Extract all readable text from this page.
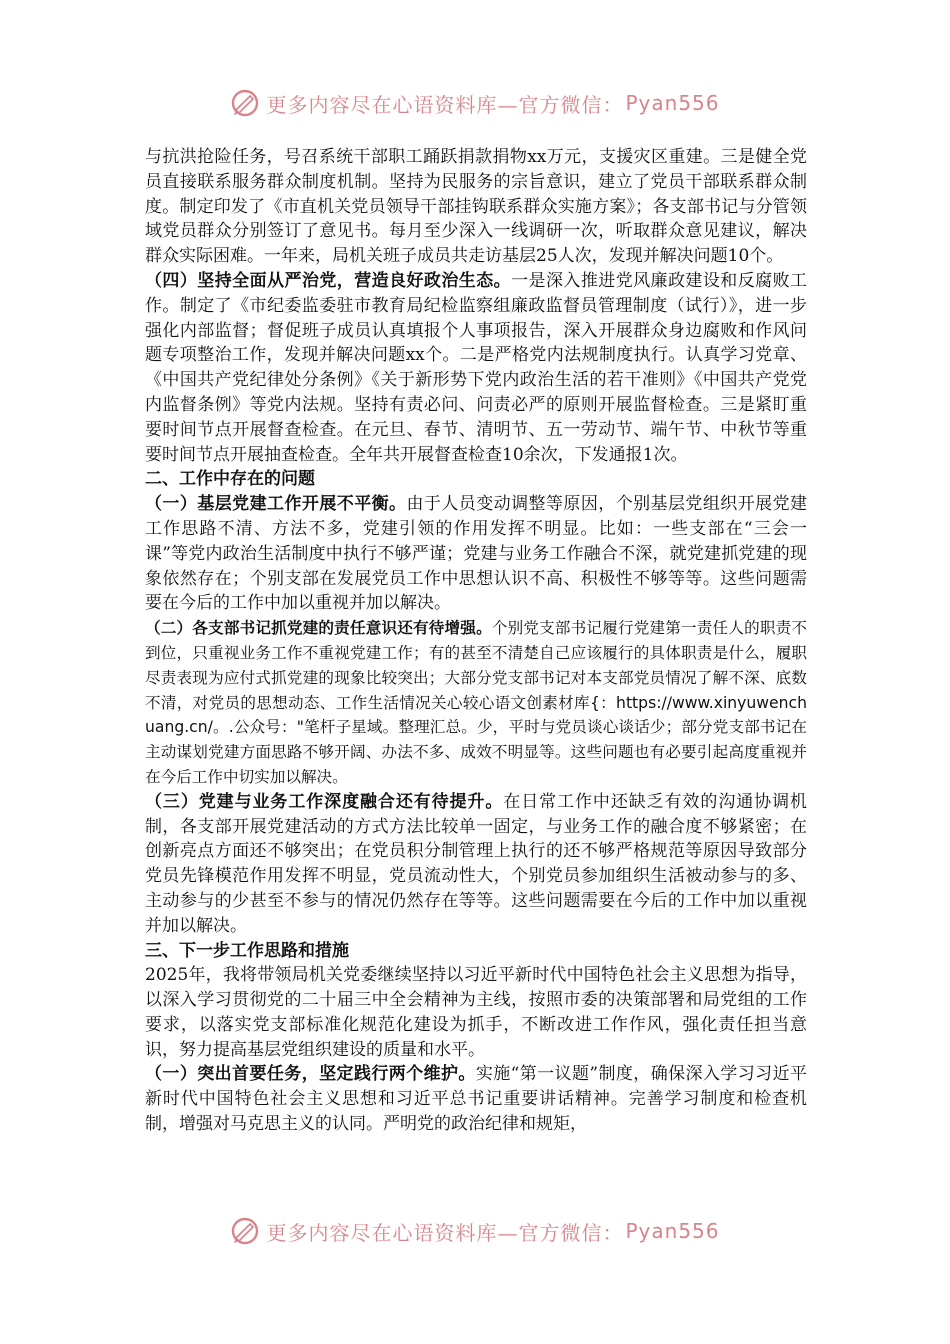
更多内容尽在心语资料库—官方微信： Pyan556

与抗洪抢险任务，号召系统干部职工踊跃捐款捐物xx万元，支援灾区重建。三是健全党员直接联系服务群众制度机制。坚持为民服务的宗旨意识，建立了党员干部联系群众制度。制定印发了《市直机关党员领导干部挂钩联系群众实施方案》；各支部书记与分管领域党员群众分别签订了意见书。每月至少深入一线调研一次，听取群众意见建议，解决群众实际困难。一年来，局机关班子成员共走访基层25人次，发现并解决问题10个。

（四）坚持全面从严治党，营造良好政治生态。一是深入推进党风廉政建设和反腐败工作。制定了《市纪委监委驻市教育局纪检监察组廉政监督员管理制度（试行）》，进一步强化内部监督；督促班子成员认真填报个人事项报告，深入开展群众身边腐败和作风问题专项整治工作，发现并解决问题xx个。二是严格党内法规制度执行。认真学习党章、《中国共产党纪律处分条例》《关于新形势下党内政治生活的若干准则》《中国共产党党内监督条例》等党内法规。坚持有责必问、问责必严的原则开展监督检查。三是紧盯重要时间节点开展督查检查。在元旦、春节、清明节、五一劳动节、端午节、中秋节等重要时间节点开展抽查检查。全年共开展督查检查10余次，下发通报1次。

二、工作中存在的问题

（一）基层党建工作开展不平衡。由于人员变动调整等原因，个别基层党组织开展党建工作思路不清、方法不多，党建引领的作用发挥不明显。比如：一些支部在“三会一课”等党内政治生活制度中执行不够严谨；党建与业务工作融合不深，就党建抓党建的现象依然存在；个别支部在发展党员工作中思想认识不高、积极性不够等等。这些问题需要在今后的工作中加以重视并加以解决。

（二）各支部书记抓党建的责任意识还有待增强。个别党支部书记履行党建第一责任人的职责不到位，只重视业务工作不重视党建工作；有的甚至不清楚自己应该履行的具体职责是什么，履职尽责表现为应付式抓党建的现象比较突出；大部分党支部书记对本支部党员情况了解不深、底数不清，对党员的思想动态、工作生活情况关心较心语文创素材库{：https://www.xinyuwenchuang.cn/。.公众号："笔杆子星域。整理汇总。少，平时与党员谈心谈话少；部分党支部书记在主动谋划党建方面思路不够开阔、办法不多、成效不明显等。这些问题也有必要引起高度重视并在今后工作中切实加以解决。

（三）党建与业务工作深度融合还有待提升。在日常工作中还缺乏有效的沟通协调机制，各支部开展党建活动的方式方法比较单一固定，与业务工作的融合度不够紧密；在创新亮点方面还不够突出；在党员积分制管理上执行的还不够严格规范等原因导致部分党员先锋模范作用发挥不明显，党员流动性大，个别党员参加组织生活被动参与的多、主动参与的少甚至不参与的情况仍然存在等等。这些问题需要在今后的工作中加以重视并加以解决。

三、下一步工作思路和措施

2025年，我将带领局机关党委继续坚持以习近平新时代中国特色社会主义思想为指导，以深入学习贯彻党的二十届三中全会精神为主线，按照市委的决策部署和局党组的工作要求，以落实党支部标准化规范化建设为抓手，不断改进工作作风，强化责任担当意识，努力提高基层党组织建设的质量和水平。

（一）突出首要任务，坚定践行两个维护。实施“第一议题”制度，确保深入学习习近平新时代中国特色社会主义思想和习近平总书记重要讲话精神。完善学习制度和检查机制，增强对马克思主义的认同。严明党的政治纪律和规矩，

更多内容尽在心语资料库—官方微信： Pyan556
